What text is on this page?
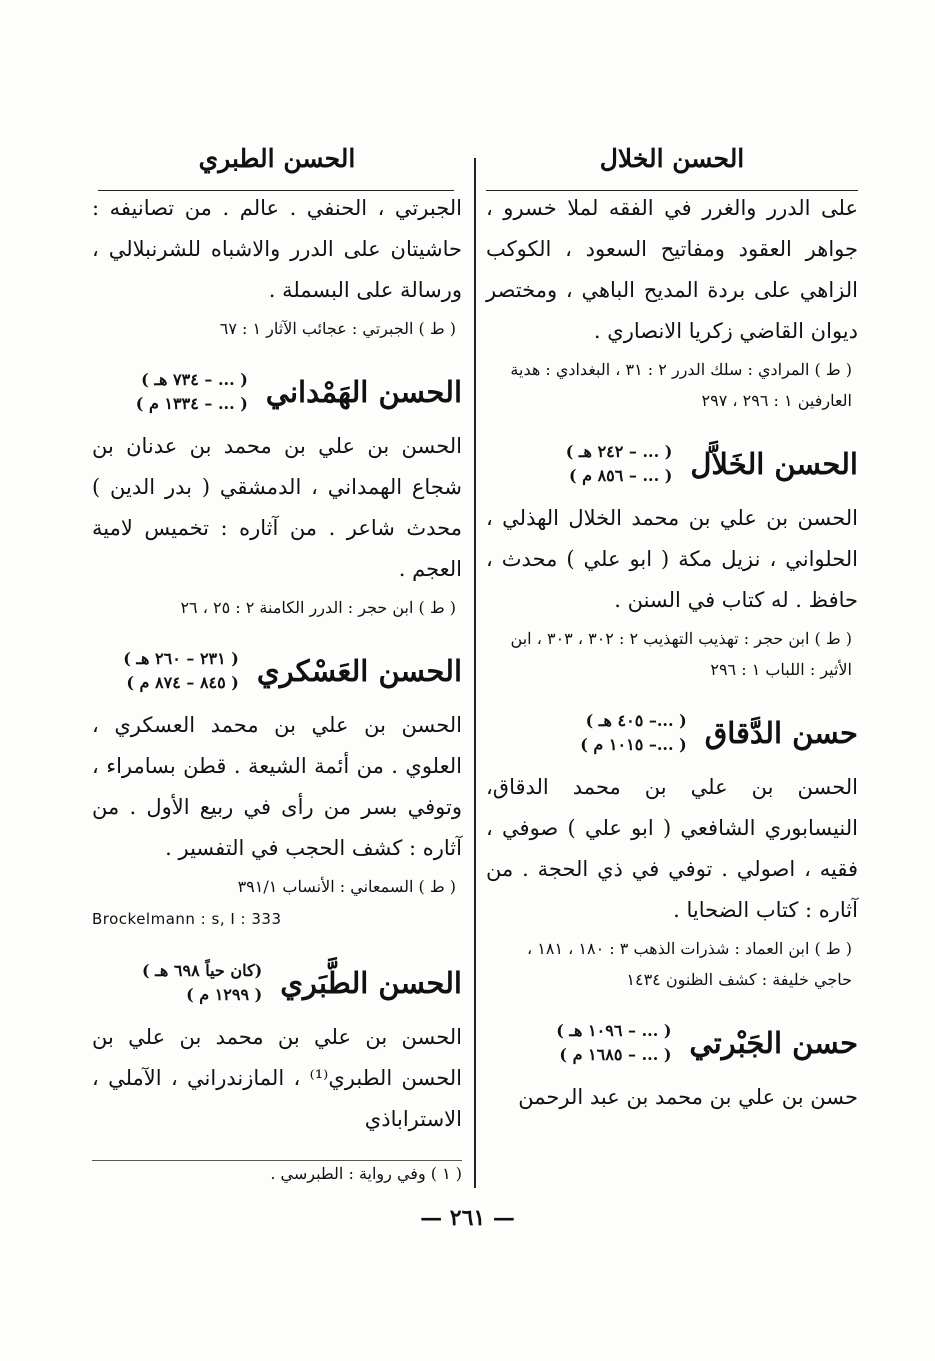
الحسن الخلال
على الدرر والغرر في الفقه لملا خسرو ، جواهر العقود ومفاتيح السعود ، الكوكب الزاهي على بردة المديح الباهي ، ومختصر ديوان القاضي زكريا الانصاري .
( ط ) المرادي : سلك الدرر ٢ : ٣١ ، البغدادي : هدية العارفين ١ : ٢٩٦ ، ٢٩٧
الحسن الخَلاَّل
( ... – ٢٤٢ هـ )
( ... – ٨٥٦ م )
الحسن بن علي بن محمد الخلال الهذلي ، الحلواني ، نزيل مكة ( ابو علي ) محدث ، حافظ . له كتاب في السنن .
( ط ) ابن حجر : تهذيب التهذيب ٢ : ٣٠٢ ، ٣٠٣ ، ابن الأثير : اللباب ١ : ٢٩٦
حسن الدَّقاق
( ...– ٤٠٥ هـ )
( ...– ١٠١٥ م )
الحسن بن علي بن محمد الدقاق، النيسابوري الشافعي ( ابو علي ) صوفي ، فقيه ، اصولي . توفي في ذي الحجة . من آثاره : كتاب الضحايا .
( ط ) ابن العماد : شذرات الذهب ٣ : ١٨٠ ، ١٨١ ، حاجي خليفة : كشف الظنون ١٤٣٤
حسن الجَبْرتي
( ... – ١٠٩٦ هـ )
( ... – ١٦٨٥ م )
حسن بن علي بن محمد بن عبد الرحمن
الحسن الطبري
الجبرتي ، الحنفي . عالم . من تصانيفه : حاشيتان على الدرر والاشباه للشرنبلالي ، ورسالة على البسملة .
( ط ) الجبرتي : عجائب الآثار ١ : ٦٧
الحسن الهَمْداني
( ... – ٧٣٤ هـ )
( ... – ١٣٣٤ م )
الحسن بن علي بن محمد بن عدنان بن شجاع الهمداني ، الدمشقي ( بدر الدين ) محدث شاعر . من آثاره : تخميس لامية العجم .
( ط ) ابن حجر : الدرر الكامنة ٢ : ٢٥ ، ٢٦
الحسن العَسْكري
( ٢٣١ – ٢٦٠ هـ )
( ٨٤٥ – ٨٧٤ م )
الحسن بن علي بن محمد العسكري ، العلوي . من أئمة الشيعة . قطن بسامراء ، وتوفي بسر من رأى في ربيع الأول . من آثاره : كشف الحجب في التفسير .
( ط ) السمعاني : الأنساب ٣٩١/١
Brockelmann : s, I : 333
الحسن الطَّبَري
(كان حياً ٦٩٨ هـ )
( ١٢٩٩ م )
الحسن بن علي بن محمد بن علي بن الحسن الطبري⁽¹⁾ ، المازندراني ، الآملي ، الاستراباذي
( ١ ) وفي رواية : الطبرسي .
— ٢٦١ —
